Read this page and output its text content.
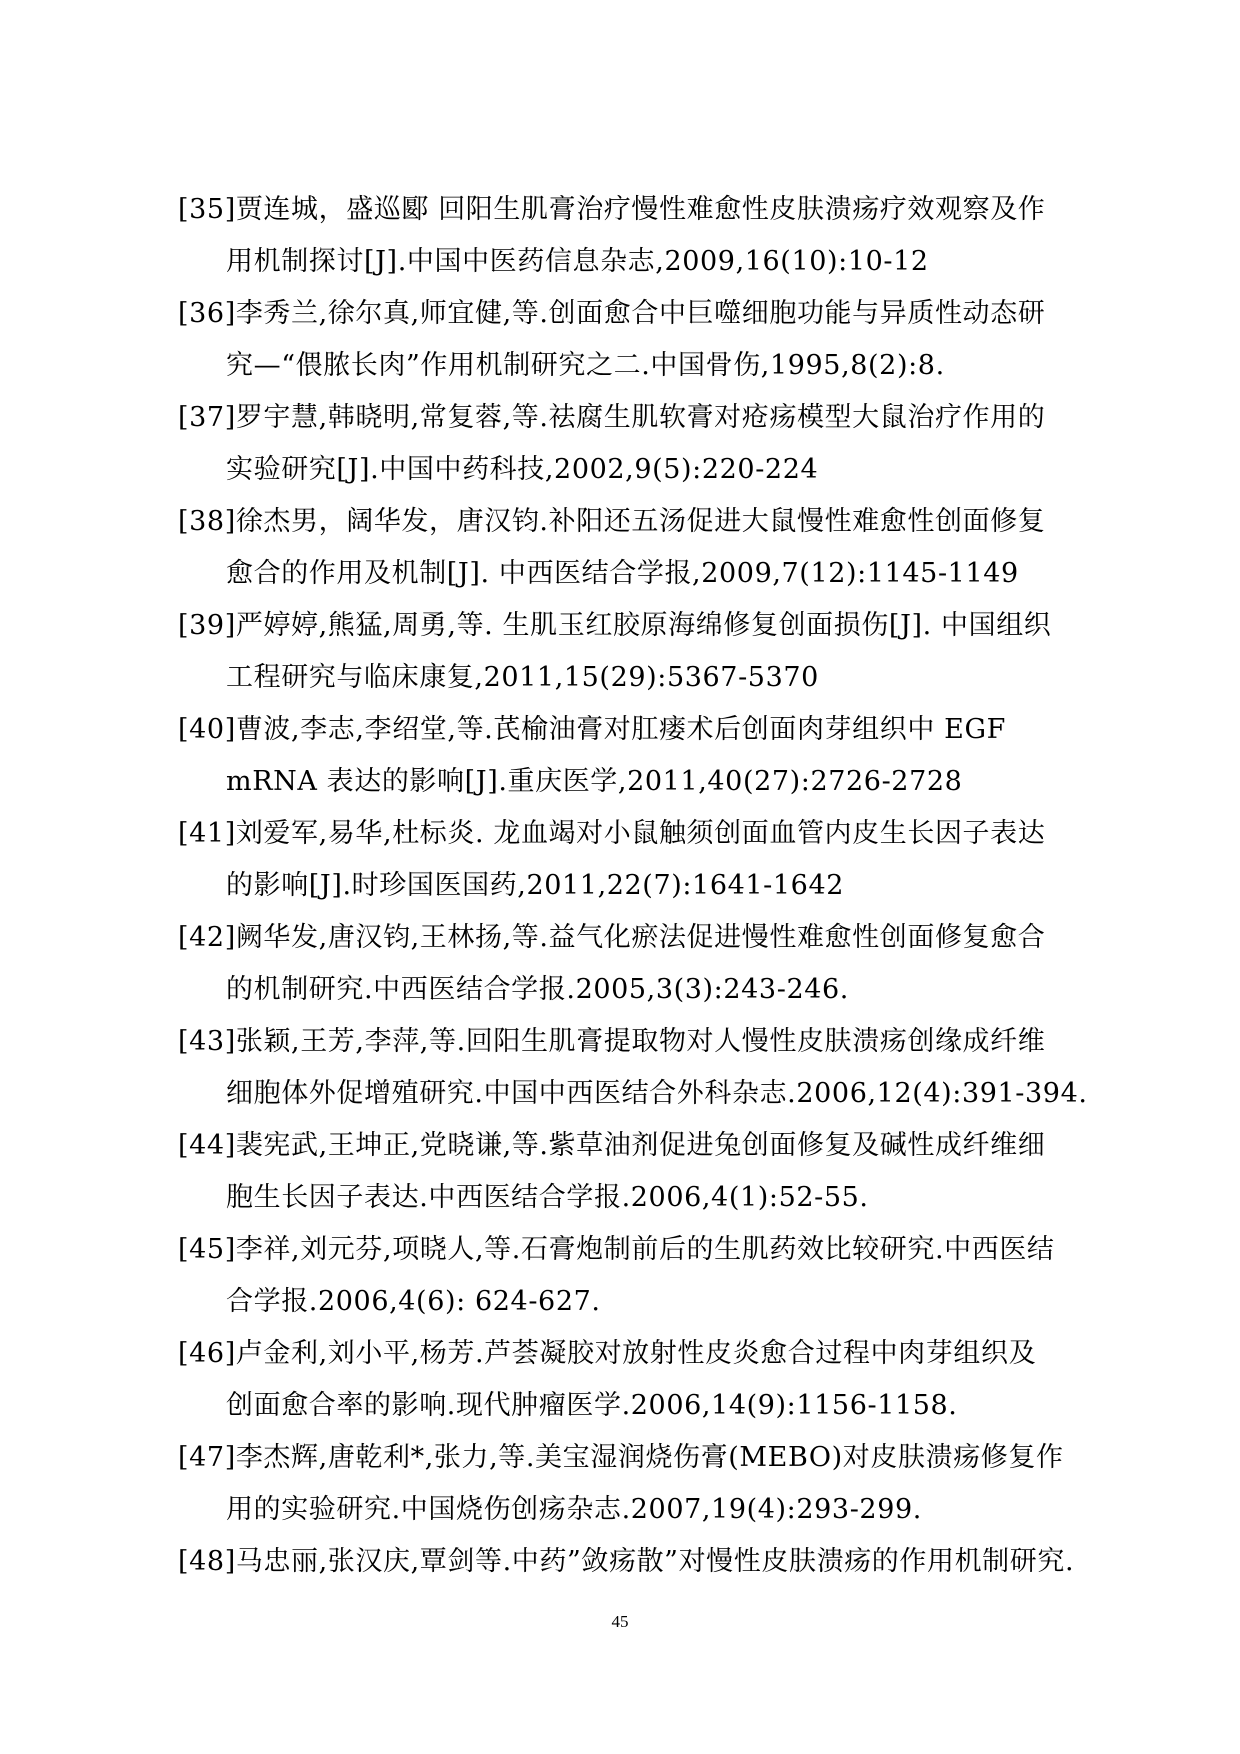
[35]贾连城，盛巡郾 回阳生肌膏治疗慢性难愈性皮肤溃疡疗效观察及作
用机制探讨[J].中国中医药信息杂志,2009,16(10):10-12
[36]李秀兰,徐尔真,师宜健,等.创面愈合中巨噬细胞功能与异质性动态研
究—“偎脓长肉”作用机制研究之二.中国骨伤,1995,8(2):8.
[37]罗宇慧,韩晓明,常复蓉,等.祛腐生肌软膏对疮疡模型大鼠治疗作用的
实验研究[J].中国中药科技,2002,9(5):220-224
[38]徐杰男，阔华发，唐汉钧.补阳还五汤促进大鼠慢性难愈性创面修复
愈合的作用及机制[J]. 中西医结合学报,2009,7(12):1145-1149
[39]严婷婷,熊猛,周勇,等. 生肌玉红胶原海绵修复创面损伤[J]. 中国组织
工程研究与临床康复,2011,15(29):5367-5370
[40]曹波,李志,李绍堂,等.芪榆油膏对肛瘘术后创面肉芽组织中 EGF
mRNA 表达的影响[J].重庆医学,2011,40(27):2726-2728
[41]刘爱军,易华,杜标炎. 龙血竭对小鼠触须创面血管内皮生长因子表达
的影响[J].时珍国医国药,2011,22(7):1641-1642
[42]阙华发,唐汉钧,王林扬,等.益气化瘀法促进慢性难愈性创面修复愈合
的机制研究.中西医结合学报.2005,3(3):243-246.
[43]张颖,王芳,李萍,等.回阳生肌膏提取物对人慢性皮肤溃疡创缘成纤维
细胞体外促增殖研究.中国中西医结合外科杂志.2006,12(4):391-394.
[44]裴宪武,王坤正,党晓谦,等.紫草油剂促进兔创面修复及碱性成纤维细
胞生长因子表达.中西医结合学报.2006,4(1):52-55.
[45]李祥,刘元芬,项晓人,等.石膏炮制前后的生肌药效比较研究.中西医结
合学报.2006,4(6): 624-627.
[46]卢金利,刘小平,杨芳.芦荟凝胶对放射性皮炎愈合过程中肉芽组织及
创面愈合率的影响.现代肿瘤医学.2006,14(9):1156-1158.
[47]李杰辉,唐乾利*,张力,等.美宝湿润烧伤膏(MEBO)对皮肤溃疡修复作
用的实验研究.中国烧伤创疡杂志.2007,19(4):293-299.
[48]马忠丽,张汉庆,覃剑等.中药”敛疡散”对慢性皮肤溃疡的作用机制研究.
45
